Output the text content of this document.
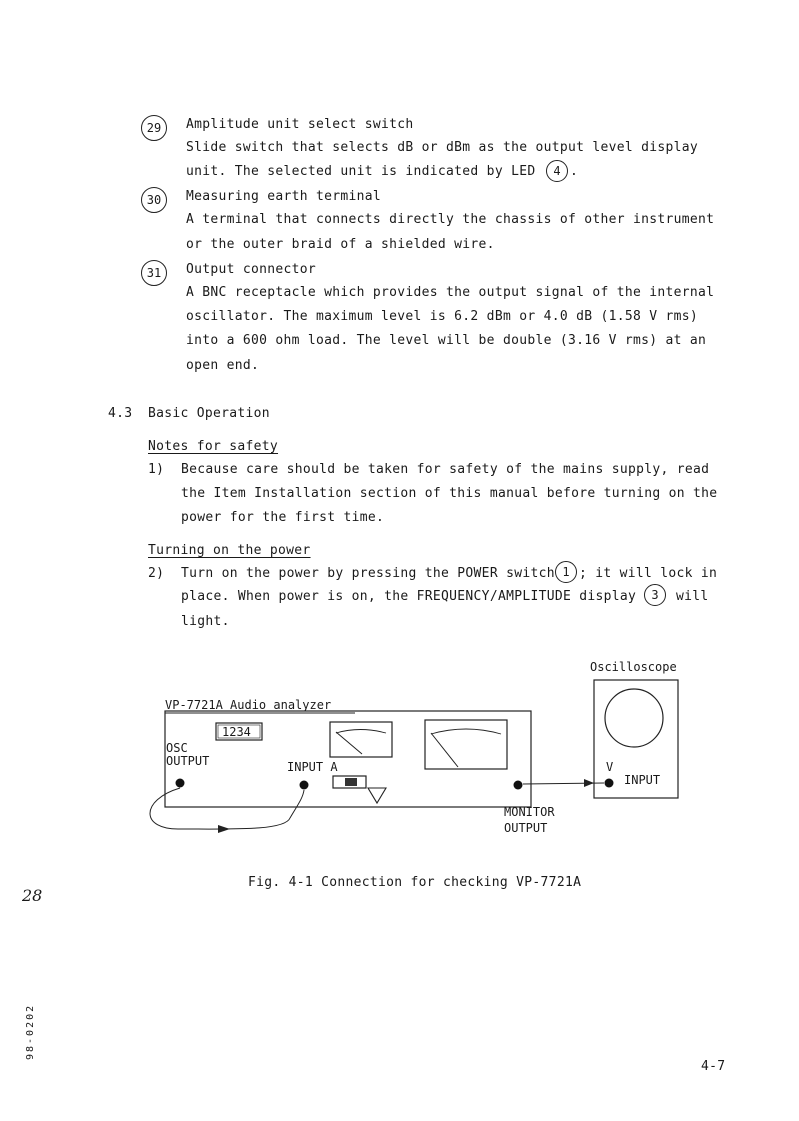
29	Amplitude unit select switch
Slide switch that selects dB or dBm as the output level display
unit. The selected unit is indicated by LED	4 .
30	Measuring earth terminal
A terminal that connects directly the chassis of other instrument
or the outer braid of a shielded wire.
31	Output connector
A BNC receptacle which provides the output signal of the internal
oscillator. The maximum level is 6.2 dBm or 4.0 dB (1.58 V rms)
into a 600 ohm load. The level will be double (3.16 V rms) at an
open end.
4.3 Basic Operation
Notes for safety
1) Because care should be taken for safety of the mains supply, read
the Item Installation section of this manual before turning on the
power for the first time.
Turning on the power
2) Turn on the power by pressing the POWER switch 1 ; it will lock in
place. When power is on, the FREQUENCY/AMPLITUDE display	3	will
light.
Oscilloscope
V
INPUT
VP-7721A Audio analyzer
1234
OSC
OUTPUT	INPUT A
MONITOR
OUTPUT
Fig. 4-1 Connection for checking VP-7721A
28
98-0202
4-7
